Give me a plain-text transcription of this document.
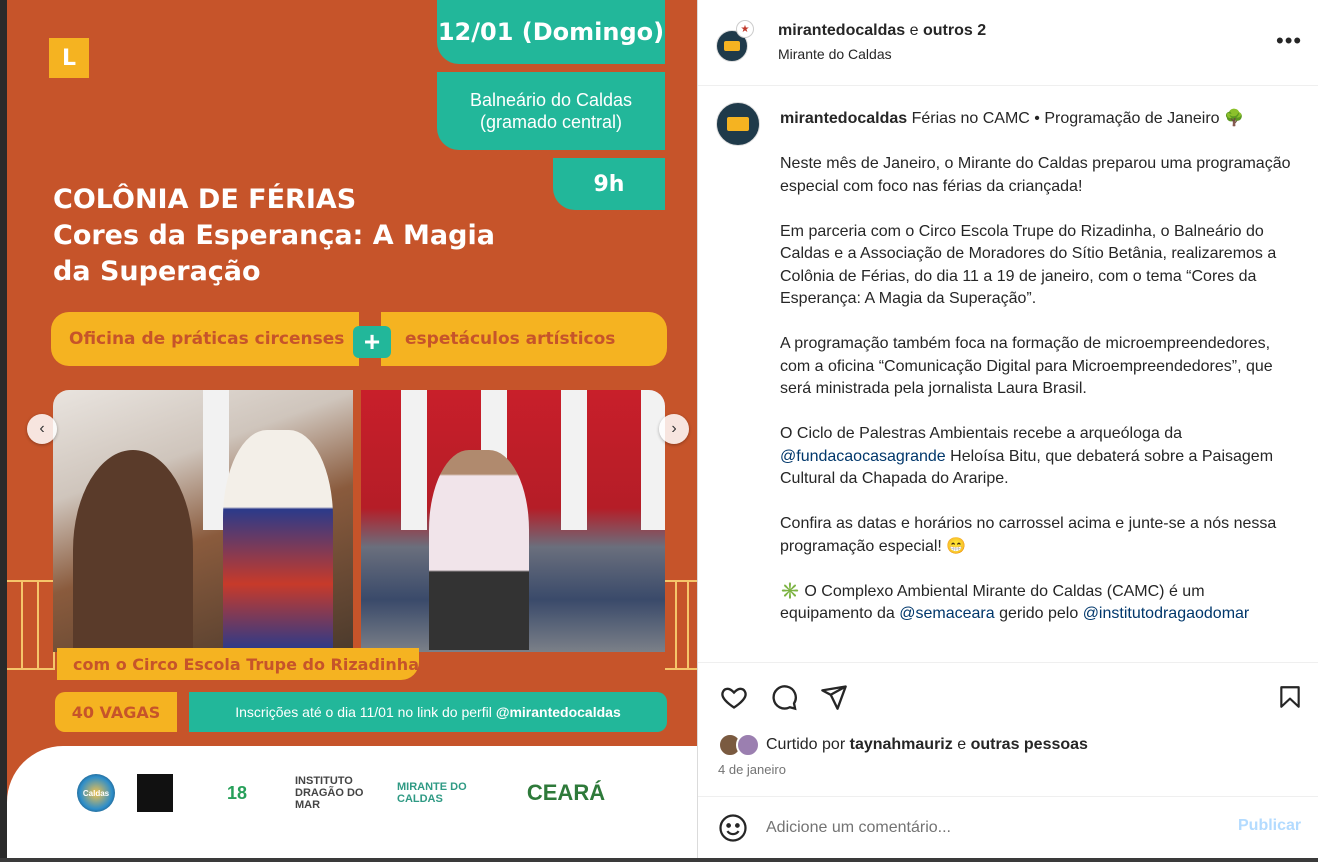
L
12/01 (Domingo)
Balneário do Caldas
(gramado central)
9h
COLÔNIA DE FÉRIAS
Cores da Esperança: A Magia
da Superação
Oficina de práticas circenses	espetáculos artísticos
+
com o Circo Escola Trupe do Rizadinha
40 VAGAS	Inscrições até o dia 11/01 no link do perfil @mirantedocaldas
Caldas	18
INSTITUTO DRAGÃO DO MAR
MIRANTE DO CALDAS	CEARÁ
‹	›
★ mirantedocaldas e outros 2
Mirante do Caldas
•••
mirantedocaldas Férias no CAMC • Programação de Janeiro 🌳

Neste mês de Janeiro, o Mirante do Caldas preparou uma programação especial com foco nas férias da criançada!

Em parceria com o Circo Escola Trupe do Rizadinha, o Balneário do Caldas e a Associação de Moradores do Sítio Betânia, realizaremos a Colônia de Férias, do dia 11 a 19 de janeiro, com o tema “Cores da Esperança: A Magia da Superação”.

A programação também foca na formação de microempreendedores, com a oficina “Comunicação Digital para Microempreendedores”, que será ministrada pela jornalista Laura Brasil.

O Ciclo de Palestras Ambientais recebe a arqueóloga da @fundacaocasagrande Heloísa Bitu, que debaterá sobre a Paisagem Cultural da Chapada do Araripe.

Confira as datas e horários no carrossel acima e junte-se a nós nessa programação especial! 😁

✳️ O Complexo Ambiental Mirante do Caldas (CAMC) é um equipamento da @semaceara gerido pelo @institutodragaodomar
Curtido por taynahmauriz e outras pessoas
4 de janeiro
Adicione um comentário...
Publicar
